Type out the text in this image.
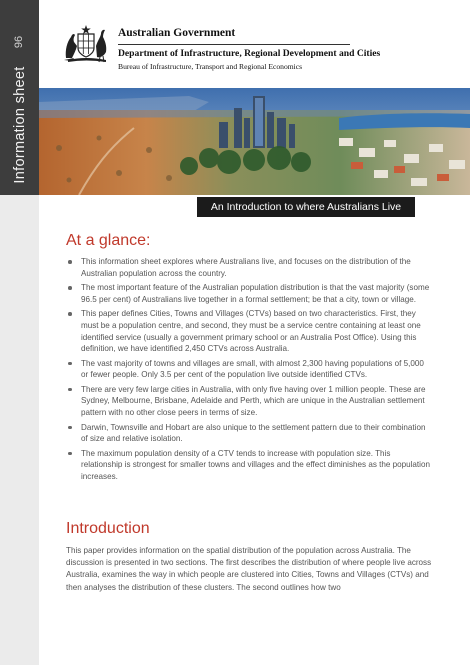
96
Information sheet
Australian Government
Department of Infrastructure, Regional Development and Cities
Bureau of Infrastructure, Transport and Regional Economics
An Introduction to where Australians Live
At a glance:
This information sheet explores where Australians live, and focuses on the distribution of the Australian population across the country.
The most important feature of the Australian population distribution is that the vast majority (some 96.5 per cent) of Australians live together in a formal settlement; be that a city, town or village.
This paper defines Cities, Towns and Villages (CTVs) based on two characteristics. First, they must be a population centre, and second, they must be a service centre containing at least one identified service (usually a government primary school or an Australia Post Office). Using this definition, we have identified 2,450 CTVs across Australia.
The vast majority of towns and villages are small, with almost 2,300 having populations of 5,000 or fewer people. Only 3.5 per cent of the population live outside identified CTVs.
There are very few large cities in Australia, with only five having over 1 million people. These are Sydney, Melbourne, Brisbane, Adelaide and Perth, which are unique in the Australian settlement pattern with no other close peers in terms of size.
Darwin, Townsville and Hobart are also unique to the settlement pattern due to their combination of size and relative isolation.
The maximum population density of a CTV tends to increase with population size. This relationship is strongest for smaller towns and villages and the effect diminishes as the population increases.
Introduction

This paper provides information on the spatial distribution of the population across Australia. The discussion is presented in two sections. The first describes the distribution of where people live across Australia, examines the way in which people are clustered into Cities, Towns and Villages (CTVs) and then analyses the distribution of these clusters. The second outlines how two
